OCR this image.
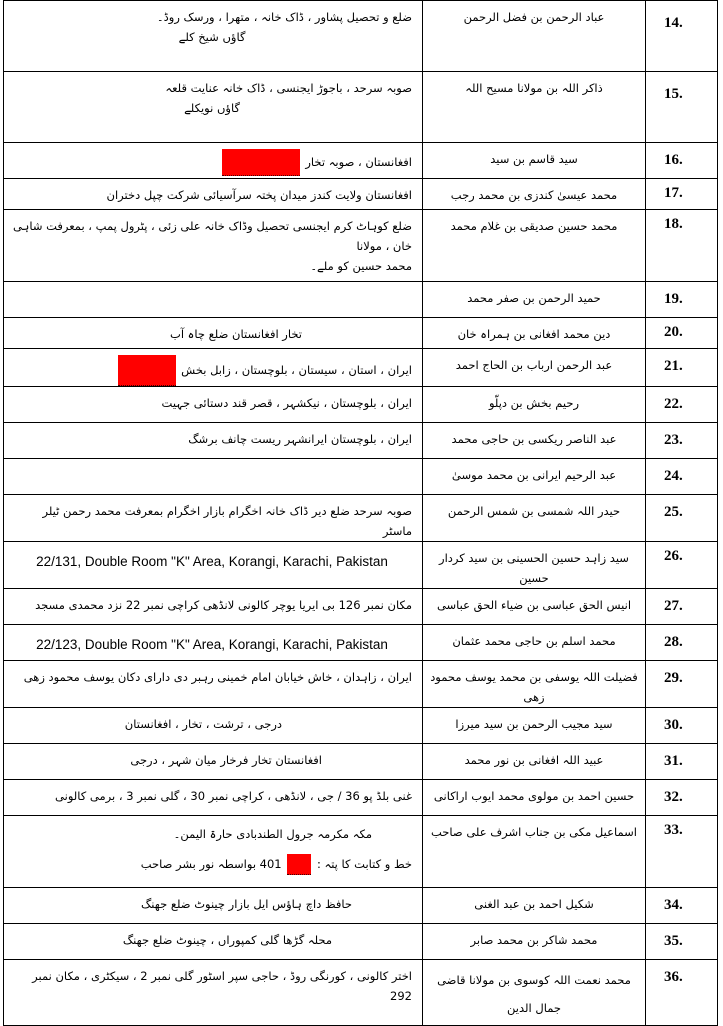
ضلع و تحصیل پشاور ، ڈاک خانہ ، متھرا ، ورسک روڈ۔
گاؤں شیخ کلے	عباد الرحمن بن فضل الرحمن	14.

صوبہ سرحد ، باجوڑ ایجنسی ، ڈاک خانہ عنایت قلعہ
گاؤں نویکلے	ذاکر اللہ بن مولانا مسیح اللہ	15.
افغانستان ، صوبہ تخار	سید قاسم بن سید	16.
افغانستان ولایت کندز میدان پختہ سرآسیائی شرکت چپل دختران	محمد عیسیٰ کندزی بن محمد رجب	17.

ضلع کوہاٹ کرم ایجنسی تحصیل وڈاک خانہ علی زئی ، پٹرول پمپ ، بمعرفت شاہی خان ، مولانا
محمد حسین کو ملے۔	محمد حسین صدیقی بن غلام محمد	18.
	حمید الرحمن بن صفر محمد	19.
تخار افغانستان ضلع چاہ آب	دین محمد افغانی بن ہمراہ خان	20.
ایران ، استان ، سیستان ، بلوچستان ، زابل بخش	عبد الرحمن ارباب بن الحاج احمد	21.
ایران ، بلوچستان ، نیکشہر ، قصر قند دستائی جہیت	رحیم بخش بن دپلّو	22.
ایران ، بلوچستان ایرانشہر ریست چانف برشگ	عبد الناصر ریکسی بن حاجی محمد	23.
	عبد الرحیم ایرانی بن محمد موسیٰ	24.
صوبہ سرحد ضلع دیر ڈاک خانہ اخگرام بازار اخگرام بمعرفت محمد رحمن ٹیلر ماسٹر	حیدر اللہ شمسی بن شمس الرحمن	25.

22/131, Double Room "K" Area, Korangi, Karachi, Pakistan	سید زاہد حسین الحسینی بن سید کردار حسین	26.
مکان نمبر 126 بی ایریا یوچر کالونی لانڈھی کراچی نمبر 22 نزد محمدی مسجد	انیس الحق عباسی بن ضیاء الحق عباسی	27.

22/123, Double Room "K" Area, Korangi, Karachi, Pakistan	محمد اسلم بن حاجی محمد عثمان	28.
ایران ، زاہدان ، خاش خیابان امام خمینی رہبر دی دارای دکان یوسف محمود زھی	فضیلت اللہ یوسفی بن محمد یوسف محمود زھی	29.
درجی ، ترشت ، تخار ، افغانستان	سید مجیب الرحمن بن سید میرزا	30.
افغانستان تخار فرخار میان شہر ، درجی	عبید اللہ افغانی بن نور محمد	31.
غنی بلڈ پو 36 / جی ، لانڈھی ، کراچی نمبر 30 ، گلی نمبر 3 ، برمی کالونی	حسین احمد بن مولوی محمد ایوب اراکانی	32.

مکہ مکرمہ جرول الطندبادی حارۃ الیمن۔
خط و کتابت کا پتہ :  401 بواسطہ نور بشر صاحب	اسماعیل مکی بن جناب اشرف علی صاحب	33.
حافظ داچ ہاؤس ایل بازار چینوٹ ضلع جھنگ	شکیل احمد بن عبد الغنی	34.
محلہ گڑھا گلی کمپوراں ، چینوٹ ضلع جھنگ	محمد شاکر بن محمد صابر	35.
اختر کالونی ، کورنگی روڈ ، حاجی سپر اسٹور گلی نمبر 2 ، سیکٹری ، مکان نمبر 292	محمد نعمت اللہ کوسوی بن مولانا قاضی جمال الدین	36.
